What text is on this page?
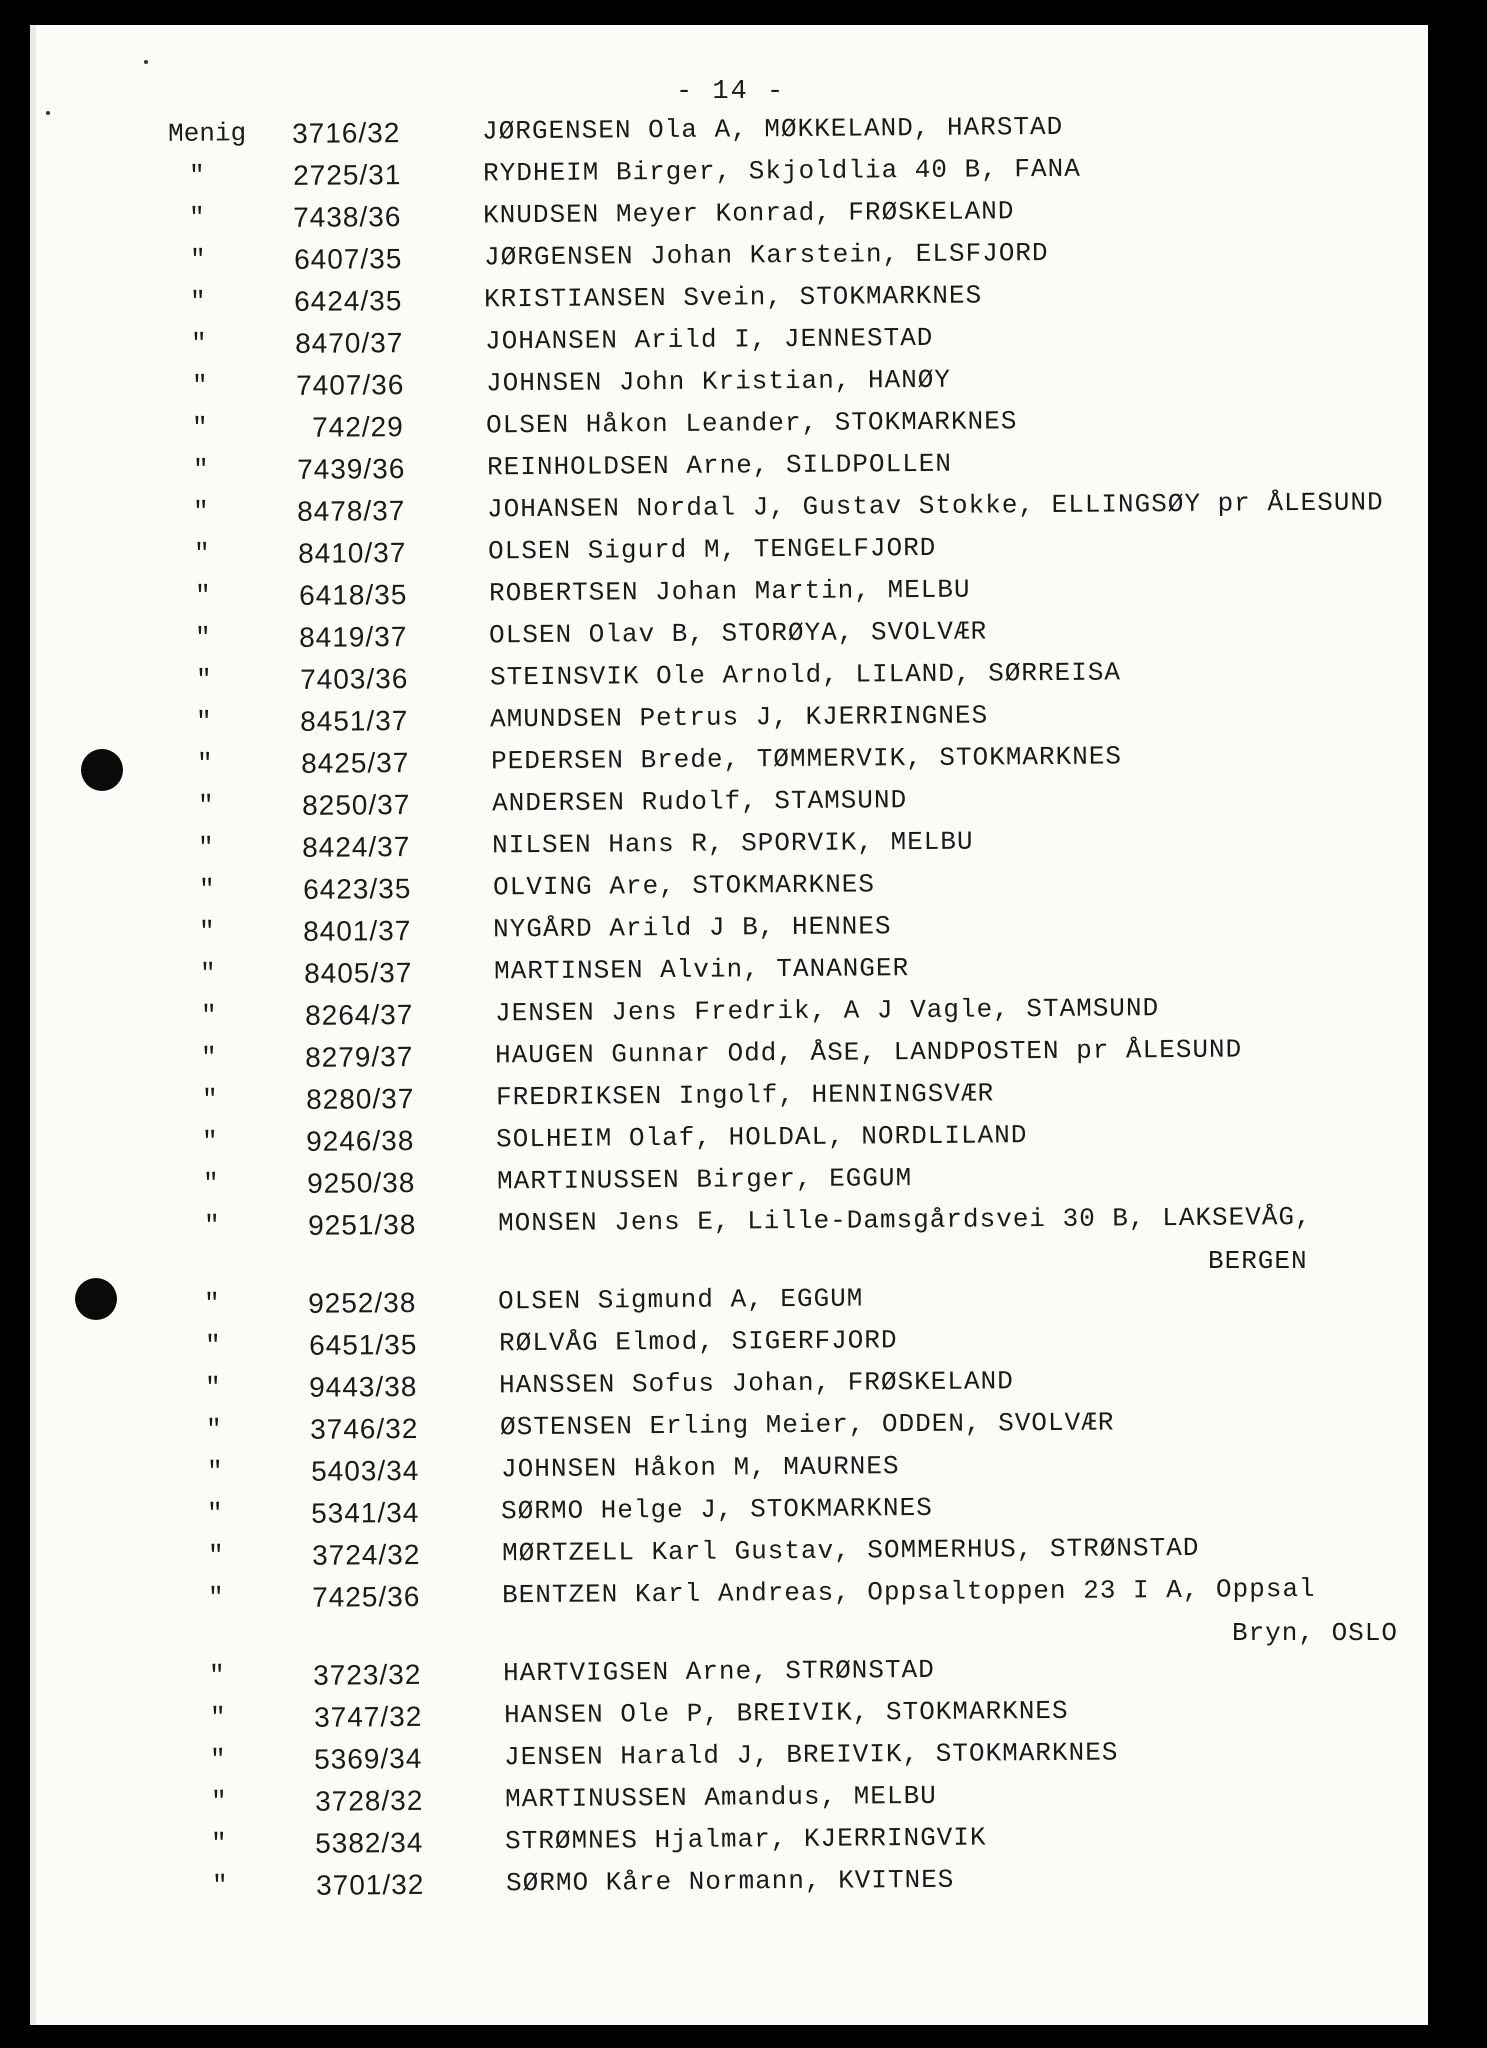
- 14 -
Menig 3716/32	JØRGENSEN Ola A, MØKKELAND, HARSTAD
"	2725/31	RYDHEIM Birger, Skjoldlia 40 B, FANA
"	7438/36	KNUDSEN Meyer Konrad, FRØSKELAND
"	6407/35	JØRGENSEN Johan Karstein, ELSFJORD
"	6424/35	KRISTIANSEN Svein, STOKMARKNES
"	8470/37	JOHANSEN Arild I, JENNESTAD
"	7407/36	JOHNSEN John Kristian, HANØY
"	742/29	OLSEN Håkon Leander, STOKMARKNES
"	7439/36	REINHOLDSEN Arne, SILDPOLLEN
"	8478/37	JOHANSEN Nordal J, Gustav Stokke, ELLINGSØY pr ÅLESUND
"	8410/37	OLSEN Sigurd M, TENGELFJORD
"	6418/35	ROBERTSEN Johan Martin, MELBU
"	8419/37	OLSEN Olav B, STORØYA, SVOLVÆR
"	7403/36	STEINSVIK Ole Arnold, LILAND, SØRREISA
"	8451/37	AMUNDSEN Petrus J, KJERRINGNES
"	8425/37	PEDERSEN Brede, TØMMERVIK, STOKMARKNES
"	8250/37	ANDERSEN Rudolf, STAMSUND
"	8424/37	NILSEN Hans R, SPORVIK, MELBU
"	6423/35	OLVING Are, STOKMARKNES
"	8401/37	NYGÅRD Arild J B, HENNES
"	8405/37	MARTINSEN Alvin, TANANGER
"	8264/37	JENSEN Jens Fredrik, A J Vagle, STAMSUND
"	8279/37	HAUGEN Gunnar Odd, ÅSE, LANDPOSTEN pr ÅLESUND
"	8280/37	FREDRIKSEN Ingolf, HENNINGSVÆR
"	9246/38	SOLHEIM Olaf, HOLDAL, NORDLILAND
"	9250/38	MARTINUSSEN Birger, EGGUM
"	9251/38	MONSEN Jens E, Lille-Damsgårdsvei 30 B, LAKSEVÅG,
BERGEN
"	9252/38	OLSEN Sigmund A, EGGUM
"	6451/35	RØLVÅG Elmod, SIGERFJORD
"	9443/38	HANSSEN Sofus Johan, FRØSKELAND
"	3746/32	ØSTENSEN Erling Meier, ODDEN, SVOLVÆR
"	5403/34	JOHNSEN Håkon M, MAURNES
"	5341/34	SØRMO Helge J, STOKMARKNES
"	3724/32	MØRTZELL Karl Gustav, SOMMERHUS, STRØNSTAD
"	7425/36	BENTZEN Karl Andreas, Oppsaltoppen 23 I A, Oppsal
Bryn, OSLO
"	3723/32	HARTVIGSEN Arne, STRØNSTAD
"	3747/32	HANSEN Ole P, BREIVIK, STOKMARKNES
"	5369/34	JENSEN Harald J, BREIVIK, STOKMARKNES
"	3728/32	MARTINUSSEN Amandus, MELBU
"	5382/34	STRØMNES Hjalmar, KJERRINGVIK
"	3701/32	SØRMO Kåre Normann, KVITNES
